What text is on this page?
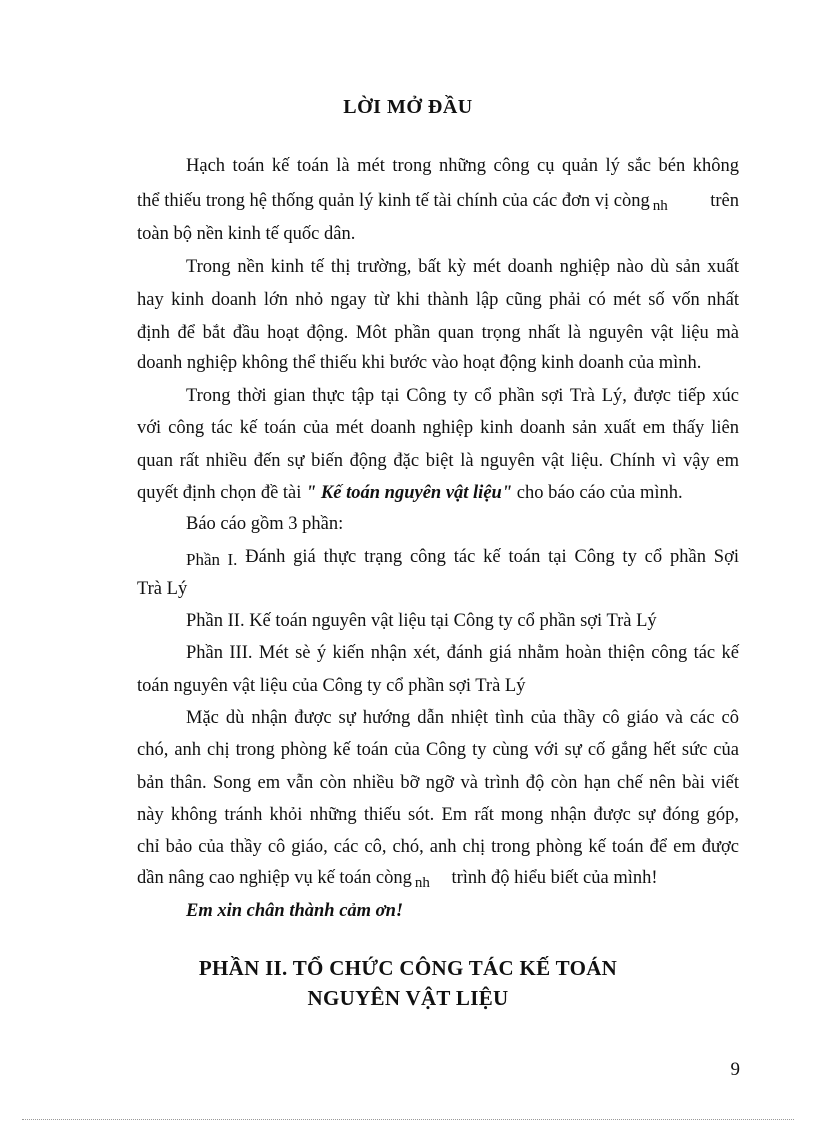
LỜI MỞ ĐẦU
Hạch toán kế toán là mét trong những công cụ quản lý sắc bén không
thể thiếu trong hệ thống quản lý kinh tế tài chính của các đơn vị còng $_{nh}$ trên
toàn bộ nền kinh tế quốc dân.
Trong nền kinh tế thị trường, bất kỳ mét doanh nghiệp nào dù sản xuất
hay kinh doanh lớn nhỏ ngay từ khi thành lập cũng phải có mét số vốn nhất
định để bắt đầu hoạt động. Môt phần quan trọng nhất là nguyên vật liệu mà
doanh nghiệp không thể thiếu khi bước vào hoạt động kinh doanh của mình.
Trong thời gian thực tập tại Công ty cổ phần sợi Trà Lý, được tiếp xúc
với công tác kế toán của mét doanh nghiệp kinh doanh sản xuất em thấy liên
quan rất nhiều đến sự biến động đặc biệt là nguyên vật liệu. Chính vì vậy em
quyết định chọn đề tài " Kế toán nguyên vật liệu" cho báo cáo của mình.
Báo cáo gồm 3 phần:
Phần I. Đánh giá thực trạng công tác kế toán tại Công ty cổ phần Sợi
Trà Lý
Phần II. Kế toán nguyên vật liệu tại Công ty cổ phần sợi Trà Lý
Phần III. Mét sè ý kiến nhận xét, đánh giá nhằm hoàn thiện công tác kế
toán nguyên vật liệu của Công ty cổ phần sợi Trà Lý
Mặc dù nhận được sự hướng dẫn nhiệt tình của thầy cô giáo và các cô
chó, anh chị trong phòng kế toán của Công ty cùng với sự cố gắng hết sức của
bản thân. Song em vẫn còn nhiều bỡ ngỡ và trình độ còn hạn chế nên bài viết
này không tránh khỏi những thiếu sót. Em rất mong nhận được sự đóng góp,
chỉ bảo của thầy cô giáo, các cô, chó, anh chị trong phòng kế toán để em được
dần nâng cao nghiệp vụ kế toán còng $_{nh}$ trình độ hiểu biết của mình!
Em xin chân thành cảm ơn!
PHẦN II. TỔ CHỨC CÔNG TÁC KẾ TOÁN
NGUYÊN VẬT LIỆU
9
